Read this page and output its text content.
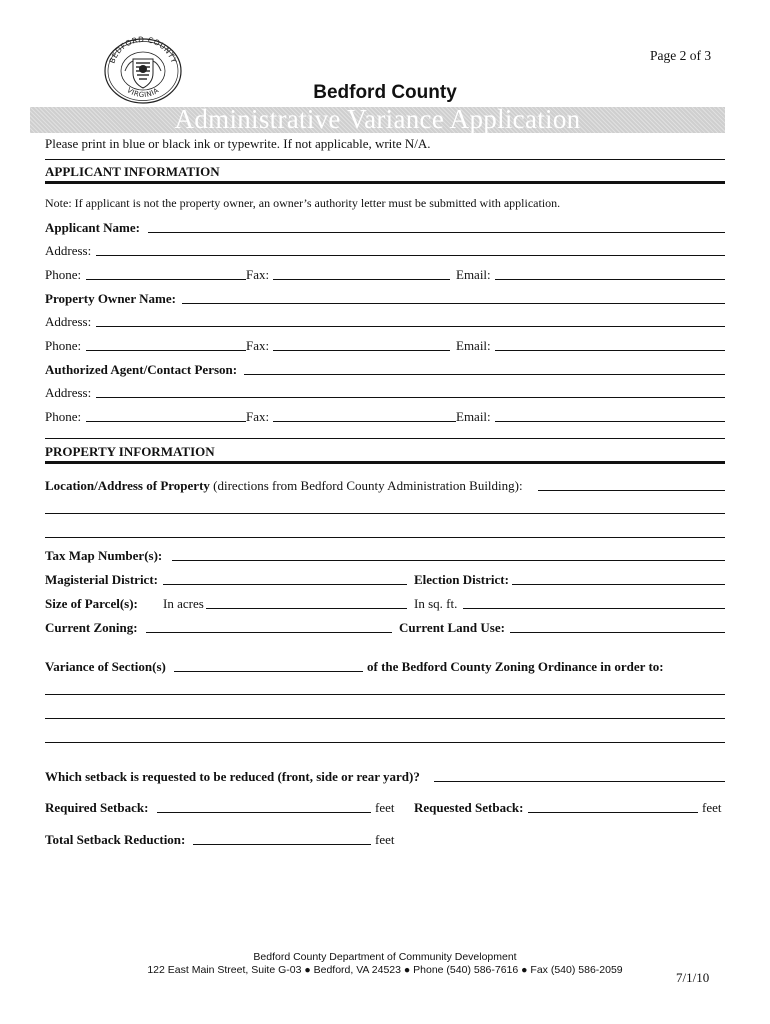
BEDFORD COUNTY
VIRGINIA
Page 2 of 3
Bedford County
Administrative Variance Application
Please print in blue or black ink or typewrite. If not applicable, write N/A.
APPLICANT INFORMATION
Note: If applicant is not the property owner, an owner’s authority letter must be submitted with application.
Applicant Name:
Address:
Phone:	Fax:	Email:
Property Owner Name:
Address:
Phone:	Fax:	Email:
Authorized Agent/Contact Person:
Address:
Phone:	Fax:	Email:
PROPERTY INFORMATION
Location/Address of Property (directions from Bedford County Administration Building):
Tax Map Number(s):
Magisterial District:	Election District:
Size of Parcel(s): In acres	In sq. ft.
Current Zoning:	Current Land Use:
Variance of Section(s)	of the Bedford County Zoning Ordinance in order to:
Which setback is requested to be reduced (front, side or rear yard)?
Required Setback:	feet Requested Setback:	feet
Total Setback Reduction:	feet
Bedford County Department of Community Development
122 East Main Street, Suite G-03 ● Bedford, VA 24523 ● Phone (540) 586-7616 ● Fax (540) 586-2059	7/1/10
